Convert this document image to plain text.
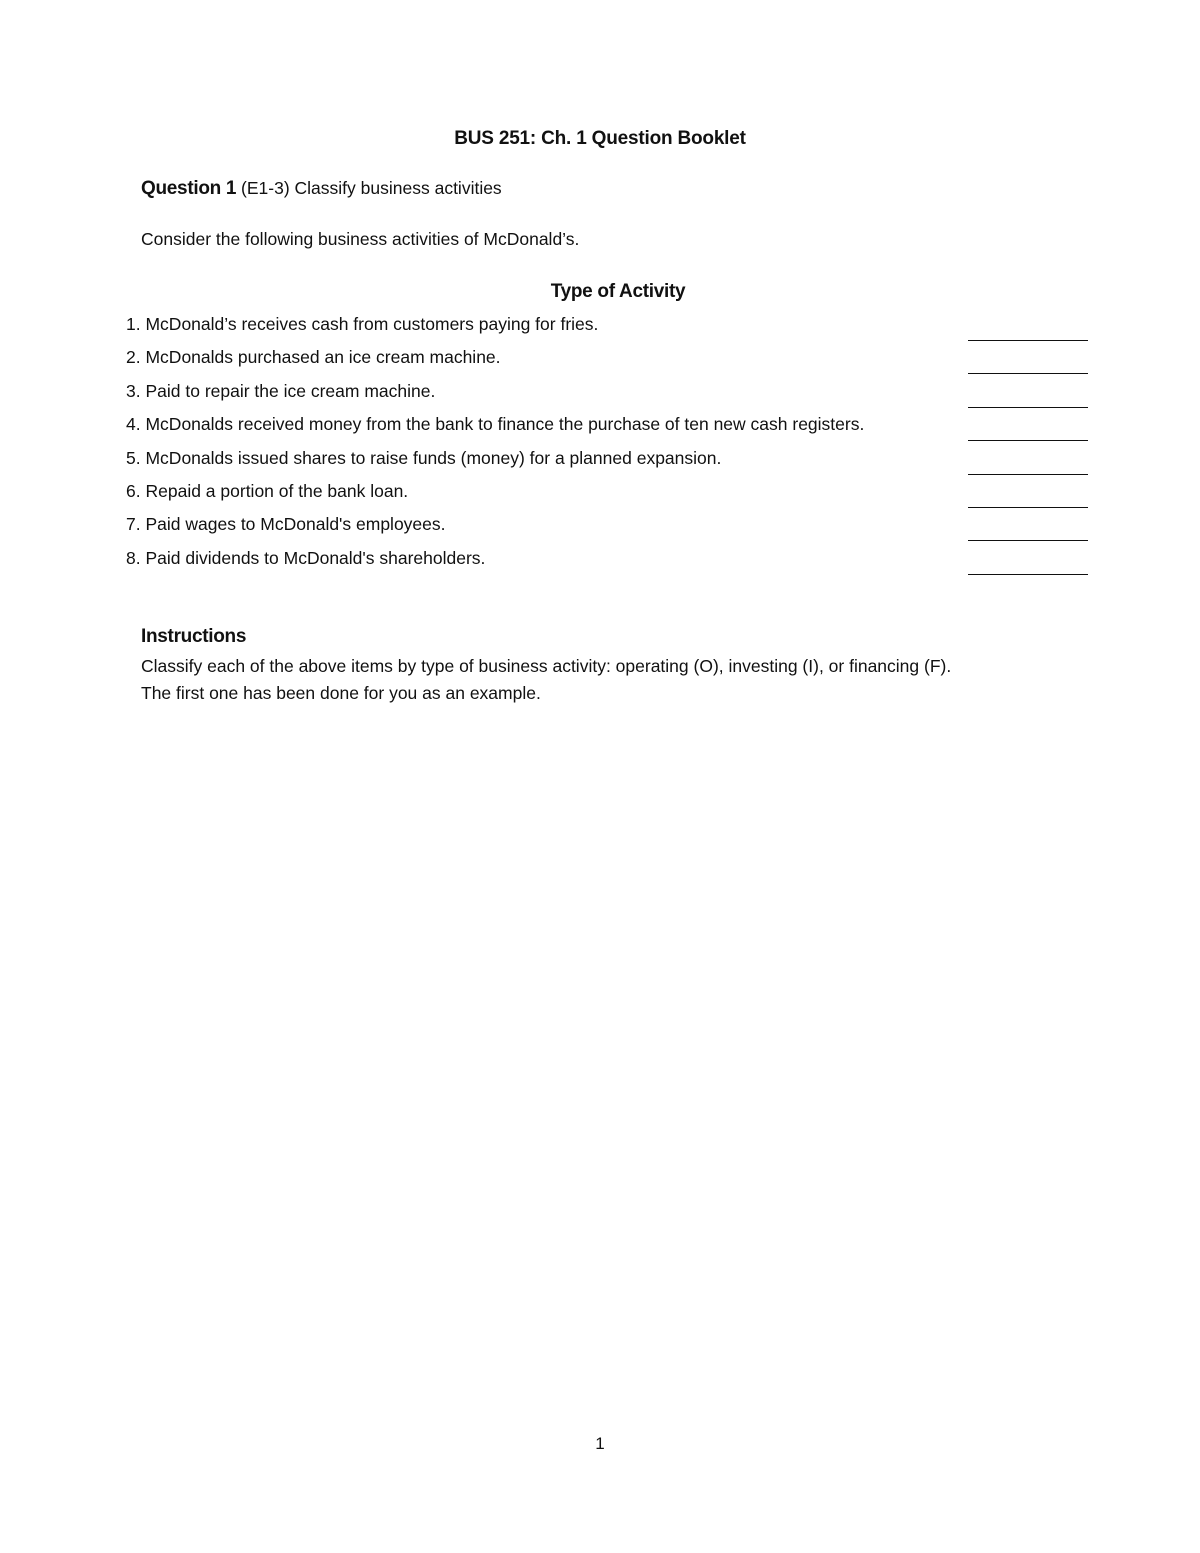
BUS 251: Ch. 1 Question Booklet
Question 1 (E1-3) Classify business activities
Consider the following business activities of McDonald’s.
Type of Activity
1. McDonald’s receives cash from customers paying for fries.
2. McDonalds purchased an ice cream machine.
3. Paid to repair the ice cream machine.
4. McDonalds received money from the bank to finance the purchase of ten new cash registers.
5. McDonalds issued shares to raise funds (money) for a planned expansion.
6. Repaid a portion of the bank loan.
7. Paid wages to McDonald's employees.
8. Paid dividends to McDonald's shareholders.
Instructions
Classify each of the above items by type of business activity: operating (O), investing (I), or financing (F).
The first one has been done for you as an example.
1
